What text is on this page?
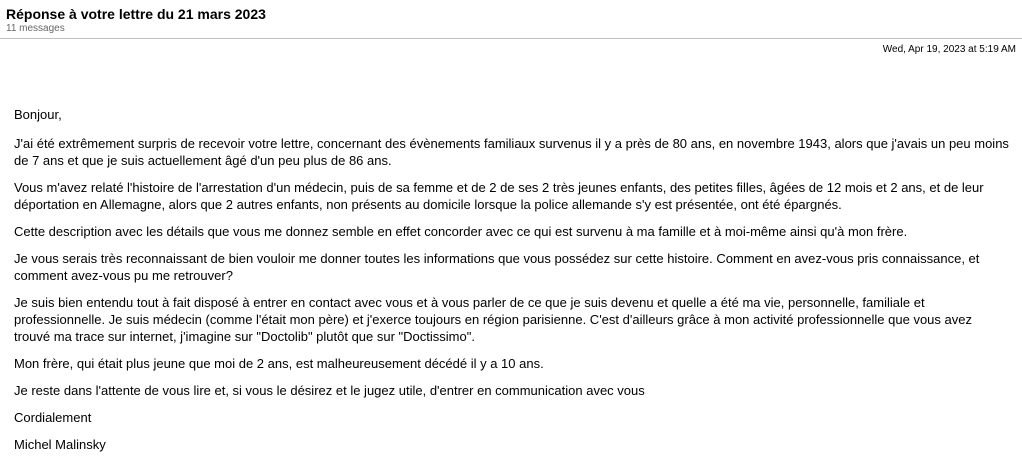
Réponse à votre lettre du 21 mars 2023
11 messages
Wed, Apr 19, 2023 at 5:19 AM

Bonjour,

J'ai été extrêmement surpris de recevoir votre lettre, concernant des évènements familiaux survenus il y a près de 80 ans, en novembre 1943, alors que j'avais un peu moins de 7 ans et que je suis actuellement âgé d'un peu plus de 86 ans.

Vous m'avez relaté l'histoire de l'arrestation d'un médecin, puis de sa femme et de 2 de ses 2 très jeunes enfants, des petites filles, âgées de 12 mois et 2 ans, et de leur déportation en Allemagne, alors que 2 autres enfants, non présents au domicile lorsque la police allemande s'y est présentée, ont été épargnés.

Cette description avec les détails que vous me donnez semble en effet concorder avec ce qui est survenu à ma famille et à moi-même ainsi qu'à mon frère.

Je vous serais très reconnaissant de bien vouloir me donner toutes les informations que vous possédez sur cette histoire. Comment en avez-vous pris connaissance, et comment avez-vous pu me retrouver?

Je suis bien entendu tout à fait disposé à entrer en contact avec vous et à vous parler de ce que je suis devenu et quelle a été ma vie, personnelle, familiale et professionnelle. Je suis médecin (comme l'était mon père) et j'exerce toujours en région parisienne. C'est d'ailleurs grâce à mon activité professionnelle que vous avez trouvé ma trace sur internet, j'imagine sur "Doctolib" plutôt que sur "Doctissimo".

Mon frère, qui était plus jeune que moi de 2 ans, est malheureusement décédé il y a 10 ans.

Je reste dans l'attente de vous lire et, si vous le désirez et le jugez utile, d'entrer en communication avec vous

Cordialement

Michel Malinsky
